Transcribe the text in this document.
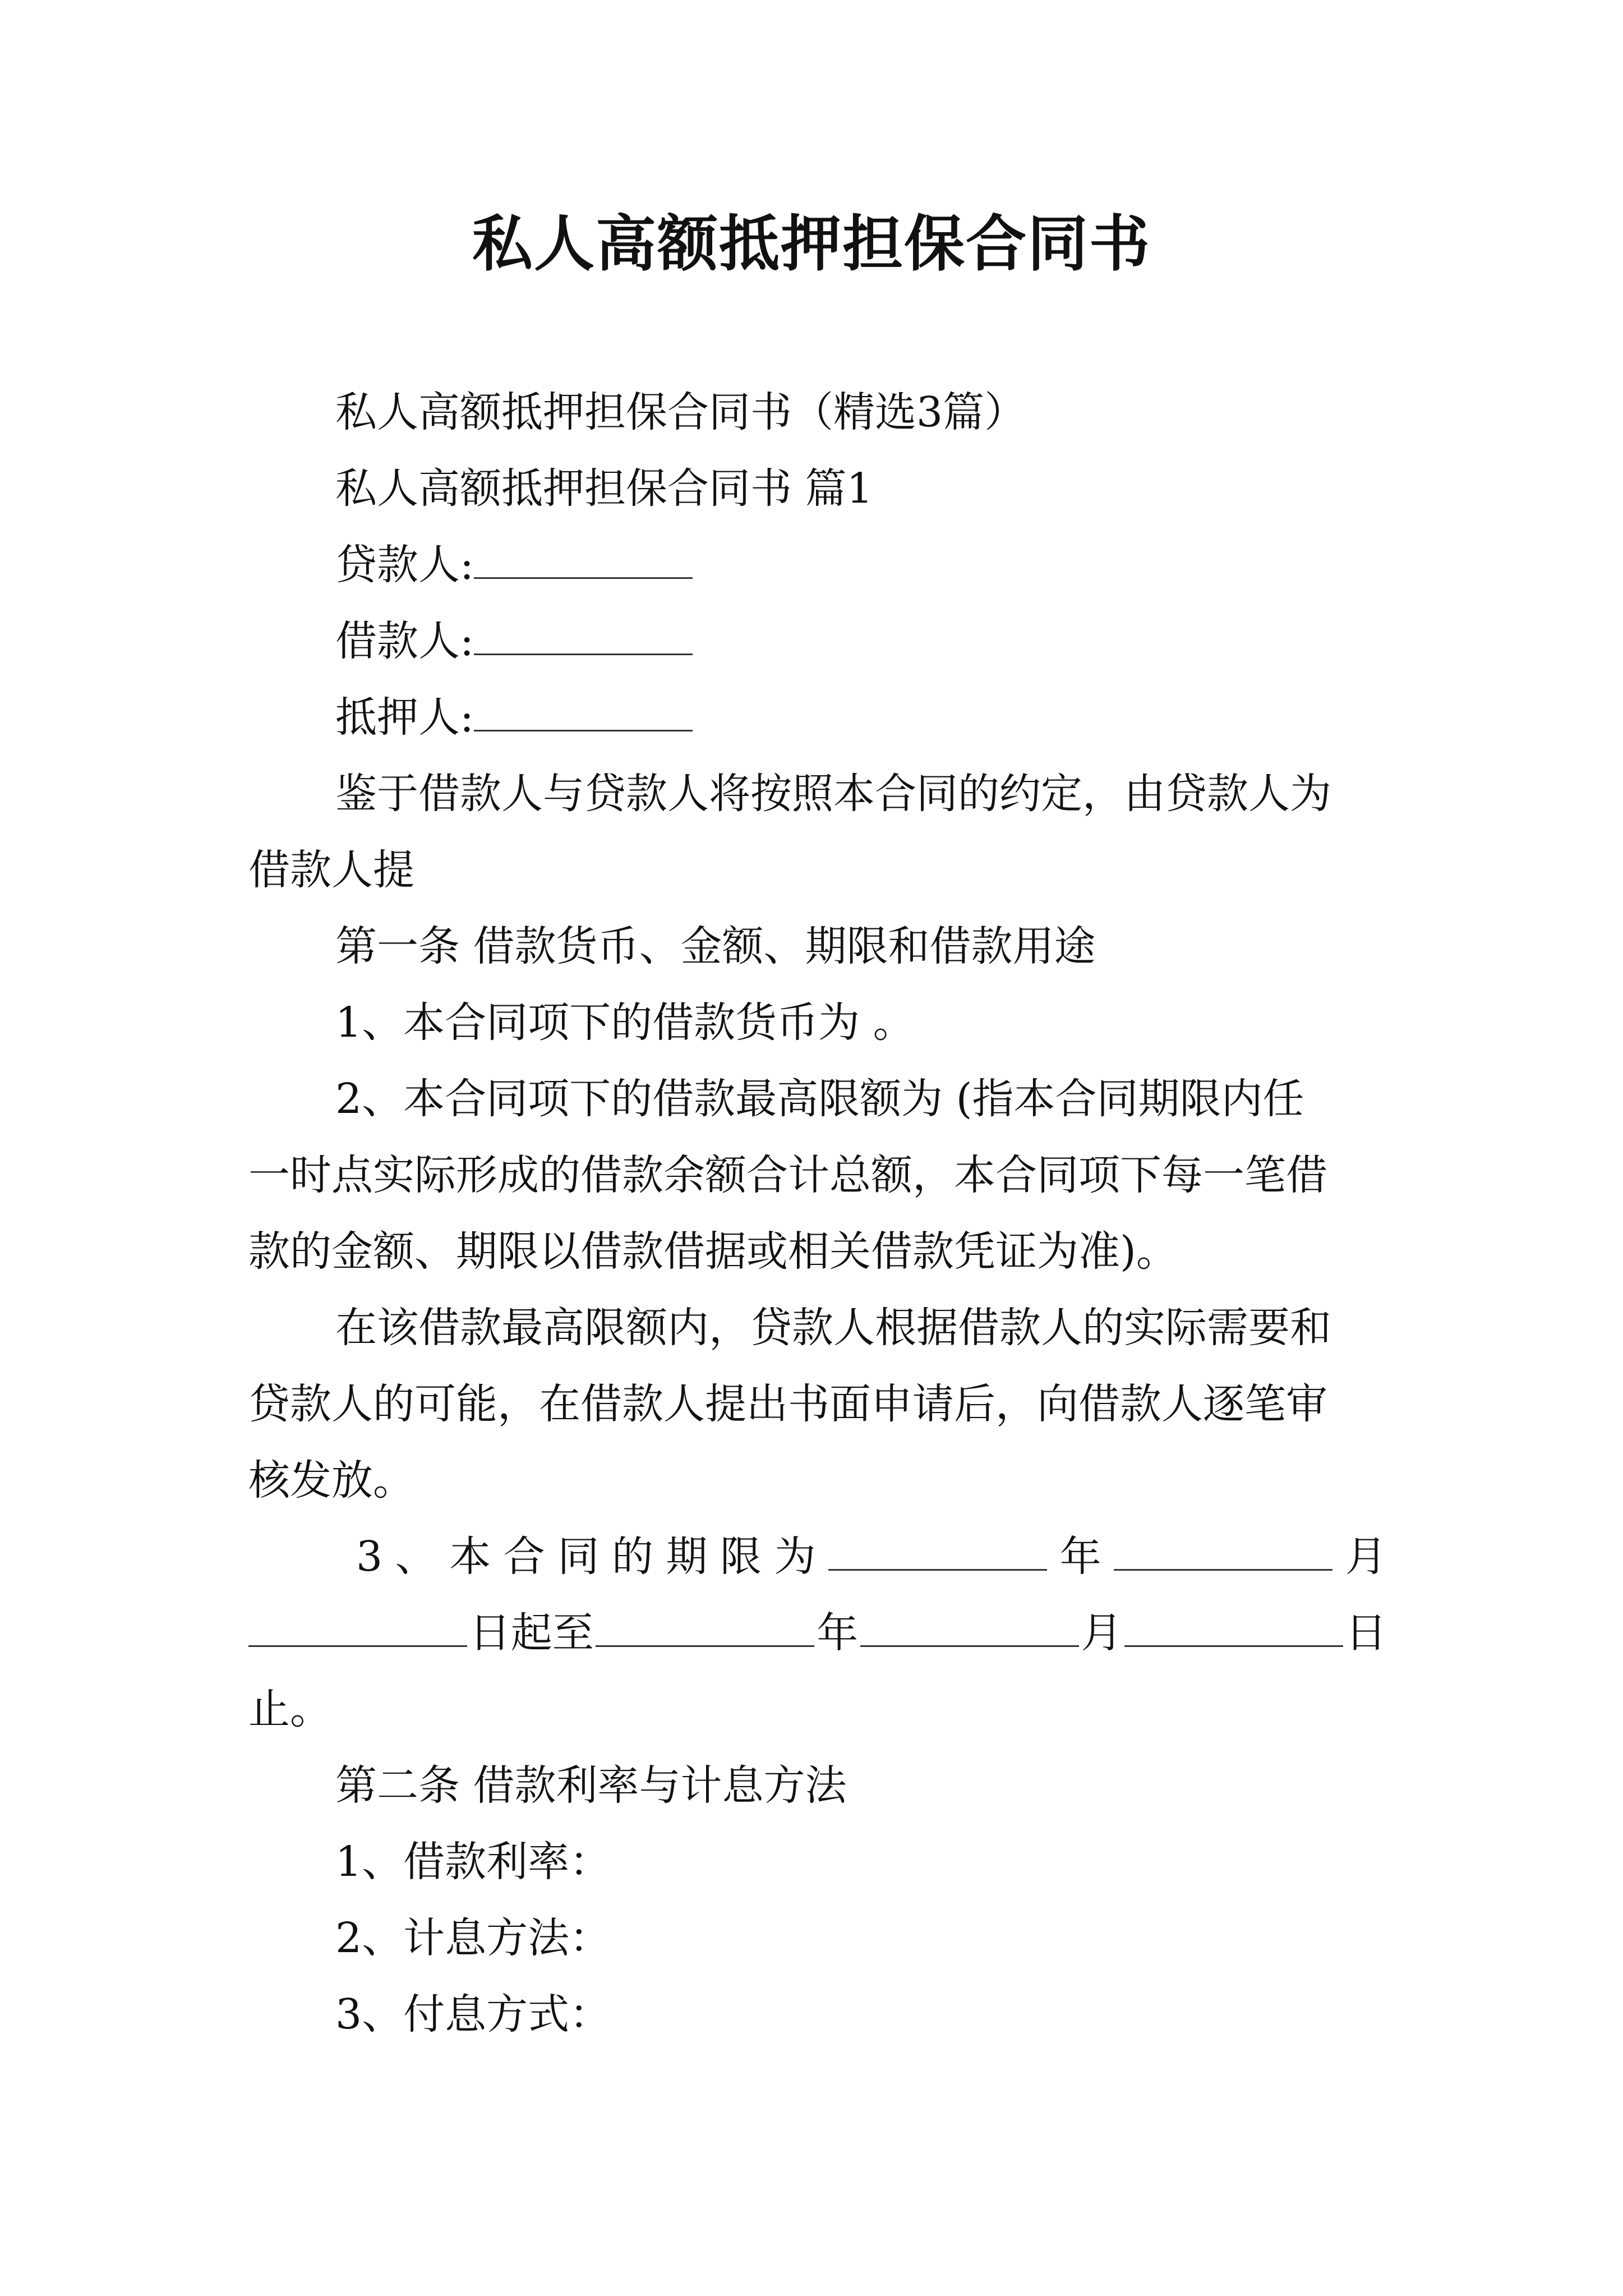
私人高额抵押担保合同书
私人高额抵押担保合同书（精选3篇）
私人高额抵押担保合同书 篇1
贷款人:
借款人:
抵押人:
鉴于借款人与贷款人将按照本合同的约定，由贷款人为
借款人提
第一条 借款货币、金额、期限和借款用途
1、本合同项下的借款货币为 。
2、本合同项下的借款最高限额为 (指本合同期限内任
一时点实际形成的借款余额合计总额，本合同项下每一笔借
款的金额、期限以借款借据或相关借款凭证为准)。
在该借款最高限额内，贷款人根据借款人的实际需要和
贷款人的可能，在借款人提出书面申请后，向借款人逐笔审
核发放。
3 、 本 合 同 的 期 限 为	年	月
日起至	年	月	日
止。
第二条 借款利率与计息方法
1、借款利率：
2、计息方法：
3、付息方式：
